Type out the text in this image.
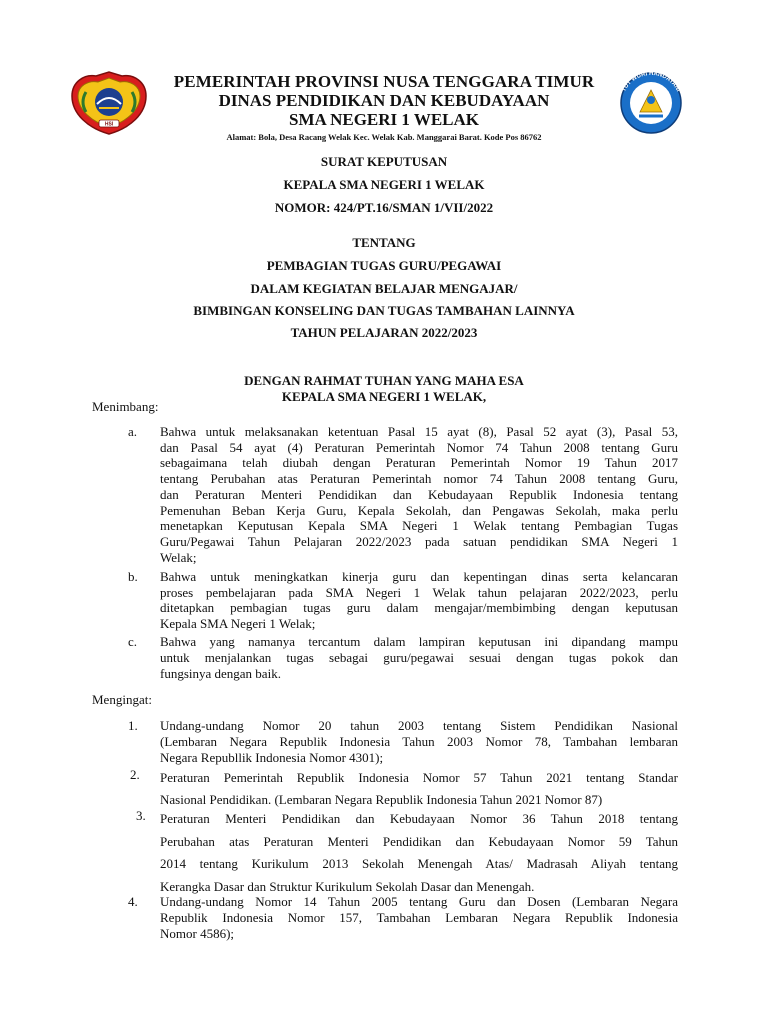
HSI
PEMERINTAH PROVINSI NUSA TENGGARA TIMUR
DINAS PENDIDIKAN DAN KEBUDAYAAN
SMA NEGERI 1 WELAK
Alamat: Bola, Desa Racang Welak Kec. Welak Kab. Manggarai Barat. Kode Pos 86762
TUT WURI HANDAYANI
SURAT KEPUTUSAN
KEPALA SMA NEGERI 1 WELAK
NOMOR: 424/PT.16/SMAN 1/VII/2022
TENTANG
PEMBAGIAN TUGAS GURU/PEGAWAI
DALAM KEGIATAN BELAJAR MENGAJAR/
BIMBINGAN KONSELING DAN TUGAS TAMBAHAN LAINNYA
TAHUN PELAJARAN 2022/2023
DENGAN RAHMAT TUHAN YANG MAHA ESA
KEPALA SMA NEGERI 1 WELAK,
Menimbang:
a. Bahwa untuk melaksanakan ketentuan Pasal 15 ayat (8), Pasal 52 ayat (3), Pasal 53,
dan Pasal 54 ayat (4) Peraturan Pemerintah Nomor 74 Tahun 2008 tentang Guru
sebagaimana telah diubah dengan Peraturan Pemerintah Nomor 19 Tahun 2017
tentang Perubahan atas Peraturan Pemerintah nomor 74 Tahun 2008 tentang Guru,
dan Peraturan Menteri Pendidikan dan Kebudayaan Republik Indonesia tentang
Pemenuhan Beban Kerja Guru, Kepala Sekolah, dan Pengawas Sekolah, maka perlu
menetapkan Keputusan Kepala SMA Negeri 1 Welak tentang Pembagian Tugas
Guru/Pegawai Tahun Pelajaran 2022/2023 pada satuan pendidikan SMA Negeri 1
Welak;
b. Bahwa untuk meningkatkan kinerja guru dan kepentingan dinas serta kelancaran
proses pembelajaran pada SMA Negeri 1 Welak tahun pelajaran 2022/2023, perlu
ditetapkan pembagian tugas guru dalam mengajar/membimbing dengan keputusan
Kepala SMA Negeri 1 Welak;
c. Bahwa yang namanya tercantum dalam lampiran keputusan ini dipandang mampu
untuk menjalankan tugas sebagai guru/pegawai sesuai dengan tugas pokok dan
fungsinya dengan baik.
Mengingat:
1. Undang-undang Nomor 20 tahun 2003 tentang Sistem Pendidikan Nasional
(Lembaran Negara Republik Indonesia Tahun 2003 Nomor 78, Tambahan lembaran
Negara Republlik Indonesia Nomor 4301);
2. Peraturan Pemerintah Republik Indonesia Nomor 57 Tahun 2021 tentang Standar
Nasional Pendidikan. (Lembaran Negara Republik Indonesia Tahun 2021 Nomor 87)
3. Peraturan Menteri Pendidikan dan Kebudayaan Nomor 36 Tahun 2018 tentang
Perubahan atas Peraturan Menteri Pendidikan dan Kebudayaan Nomor 59 Tahun
2014 tentang Kurikulum 2013 Sekolah Menengah Atas/ Madrasah Aliyah tentang
Kerangka Dasar dan Struktur Kurikulum Sekolah Dasar dan Menengah.
4. Undang-undang Nomor 14 Tahun 2005 tentang Guru dan Dosen (Lembaran Negara
Republik Indonesia Nomor 157, Tambahan Lembaran Negara Republik Indonesia
Nomor 4586);
